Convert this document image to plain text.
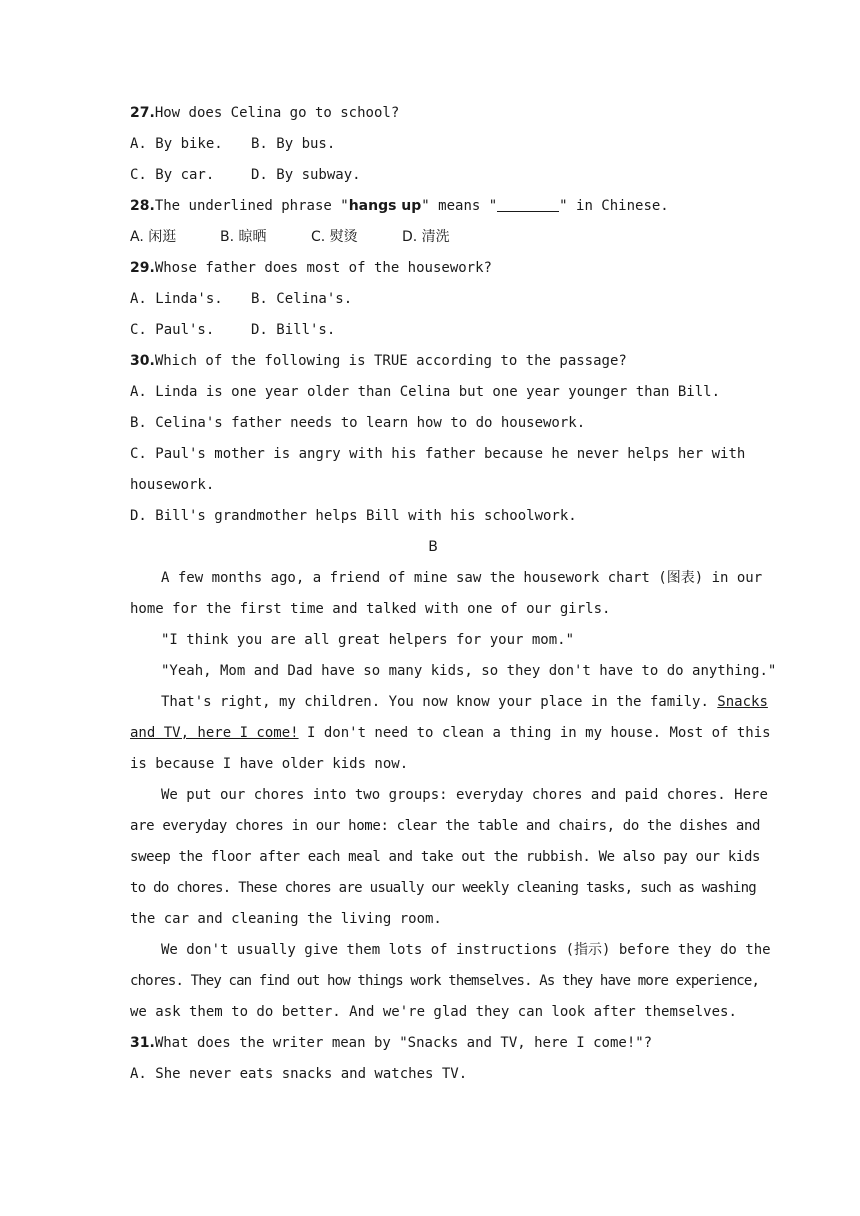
27.How does Celina go to school?
A. By bike. B. By bus.
C. By car.	D. By subway.
28.The underlined phrase "hangs up" means "	" in Chinese.
A. 闲逛	B. 晾晒	C. 熨烫	D. 清洗
29.Whose father does most of the housework?
A. Linda's. B. Celina's.
C. Paul's.	D. Bill's.
30.Which of the following is TRUE according to the passage?
A. Linda is one year older than Celina but one year younger than Bill.
B. Celina's father needs to learn how to do housework.
C. Paul's mother is angry with his father because he never helps her with
housework.
D. Bill's grandmother helps Bill with his schoolwork.
B
A few months ago, a friend of mine saw the housework chart (图表) in our
home for the first time and talked with one of our girls.
"I think you are all great helpers for your mom."
"Yeah, Mom and Dad have so many kids, so they don't have to do anything."
That's right, my children. You now know your place in the family. Snacks
and TV, here I come! I don't need to clean a thing in my house. Most of this
is because I have older kids now.
We put our chores into two groups: everyday chores and paid chores. Here
are everyday chores in our home: clear the table and chairs, do the dishes and
sweep the floor after each meal and take out the rubbish. We also pay our kids
to do chores. These chores are usually our weekly cleaning tasks, such as washing
the car and cleaning the living room.
We don't usually give them lots of instructions (指示) before they do the
chores. They can find out how things work themselves. As they have more experience,
we ask them to do better. And we're glad they can look after themselves.
31.What does the writer mean by "Snacks and TV, here I come!"?
A. She never eats snacks and watches TV.
